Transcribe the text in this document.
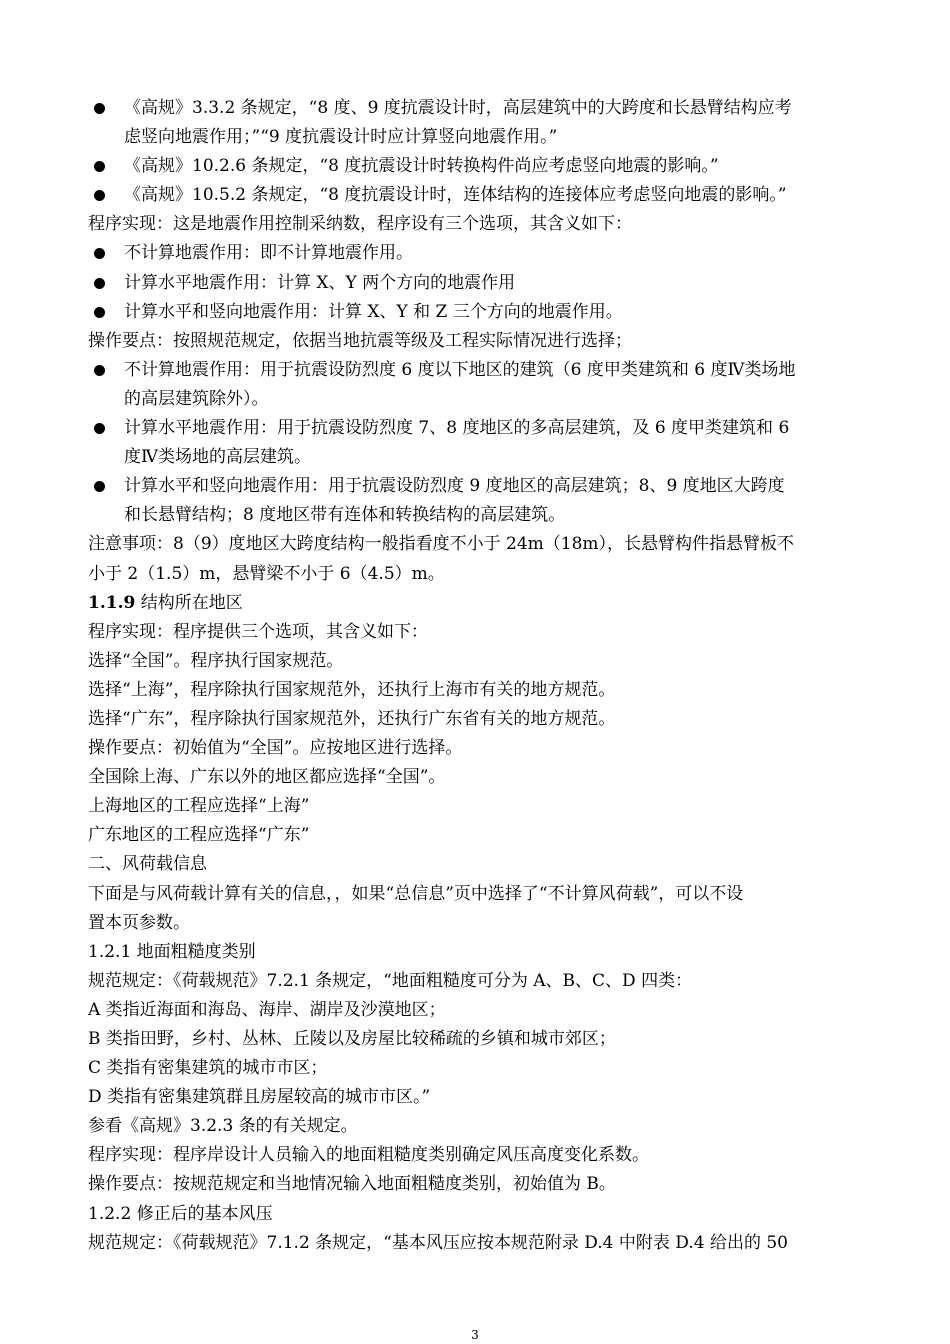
《高规》3.3.2 条规定，“8 度、9 度抗震设计时，高层建筑中的大跨度和长悬臂结构应考
虑竖向地震作用；”“9 度抗震设计时应计算竖向地震作用。”
《高规》10.2.6 条规定，“8 度抗震设计时转换构件尚应考虑竖向地震的影响。”
《高规》10.5.2 条规定，“8 度抗震设计时，连体结构的连接体应考虑竖向地震的影响。”
程序实现：这是地震作用控制采纳数，程序设有三个选项，其含义如下：
不计算地震作用：即不计算地震作用。
计算水平地震作用：计算 X、Y 两个方向的地震作用
计算水平和竖向地震作用：计算 X、Y 和 Z 三个方向的地震作用。
操作要点：按照规范规定，依据当地抗震等级及工程实际情况进行选择；
不计算地震作用：用于抗震设防烈度 6 度以下地区的建筑（6 度甲类建筑和 6 度Ⅳ类场地
的高层建筑除外）。
计算水平地震作用：用于抗震设防烈度 7、8 度地区的多高层建筑，及 6 度甲类建筑和 6
度Ⅳ类场地的高层建筑。
计算水平和竖向地震作用：用于抗震设防烈度 9 度地区的高层建筑；8、9 度地区大跨度
和长悬臂结构；8 度地区带有连体和转换结构的高层建筑。
注意事项：8（9）度地区大跨度结构一般指看度不小于 24m（18m），长悬臂构件指悬臂板不
小于 2（1.5）m，悬臂梁不小于 6（4.5）m。
1.1.9 结构所在地区
程序实现：程序提供三个选项，其含义如下：
选择“全国”。程序执行国家规范。
选择“上海”，程序除执行国家规范外，还执行上海市有关的地方规范。
选择“广东”，程序除执行国家规范外，还执行广东省有关的地方规范。
操作要点：初始值为“全国”。应按地区进行选择。
全国除上海、广东以外的地区都应选择“全国”。
上海地区的工程应选择“上海”
广东地区的工程应选择“广东”
二、风荷载信息
下面是与风荷载计算有关的信息，，如果“总信息”页中选择了“不计算风荷载”，可以不设
置本页参数。
1.2.1 地面粗糙度类别
规范规定：《荷载规范》7.2.1 条规定，“地面粗糙度可分为 A、B、C、D 四类：
A 类指近海面和海岛、海岸、湖岸及沙漠地区；
B 类指田野，乡村、丛林、丘陵以及房屋比较稀疏的乡镇和城市郊区；
C 类指有密集建筑的城市市区；
D 类指有密集建筑群且房屋较高的城市市区。”
参看《高规》3.2.3 条的有关规定。
程序实现：程序岸设计人员输入的地面粗糙度类别确定风压高度变化系数。
操作要点：按规范规定和当地情况输入地面粗糙度类别，初始值为 B。
1.2.2 修正后的基本风压
规范规定：《荷载规范》7.1.2 条规定，“基本风压应按本规范附录 D.4 中附表 D.4 给出的 50
3
